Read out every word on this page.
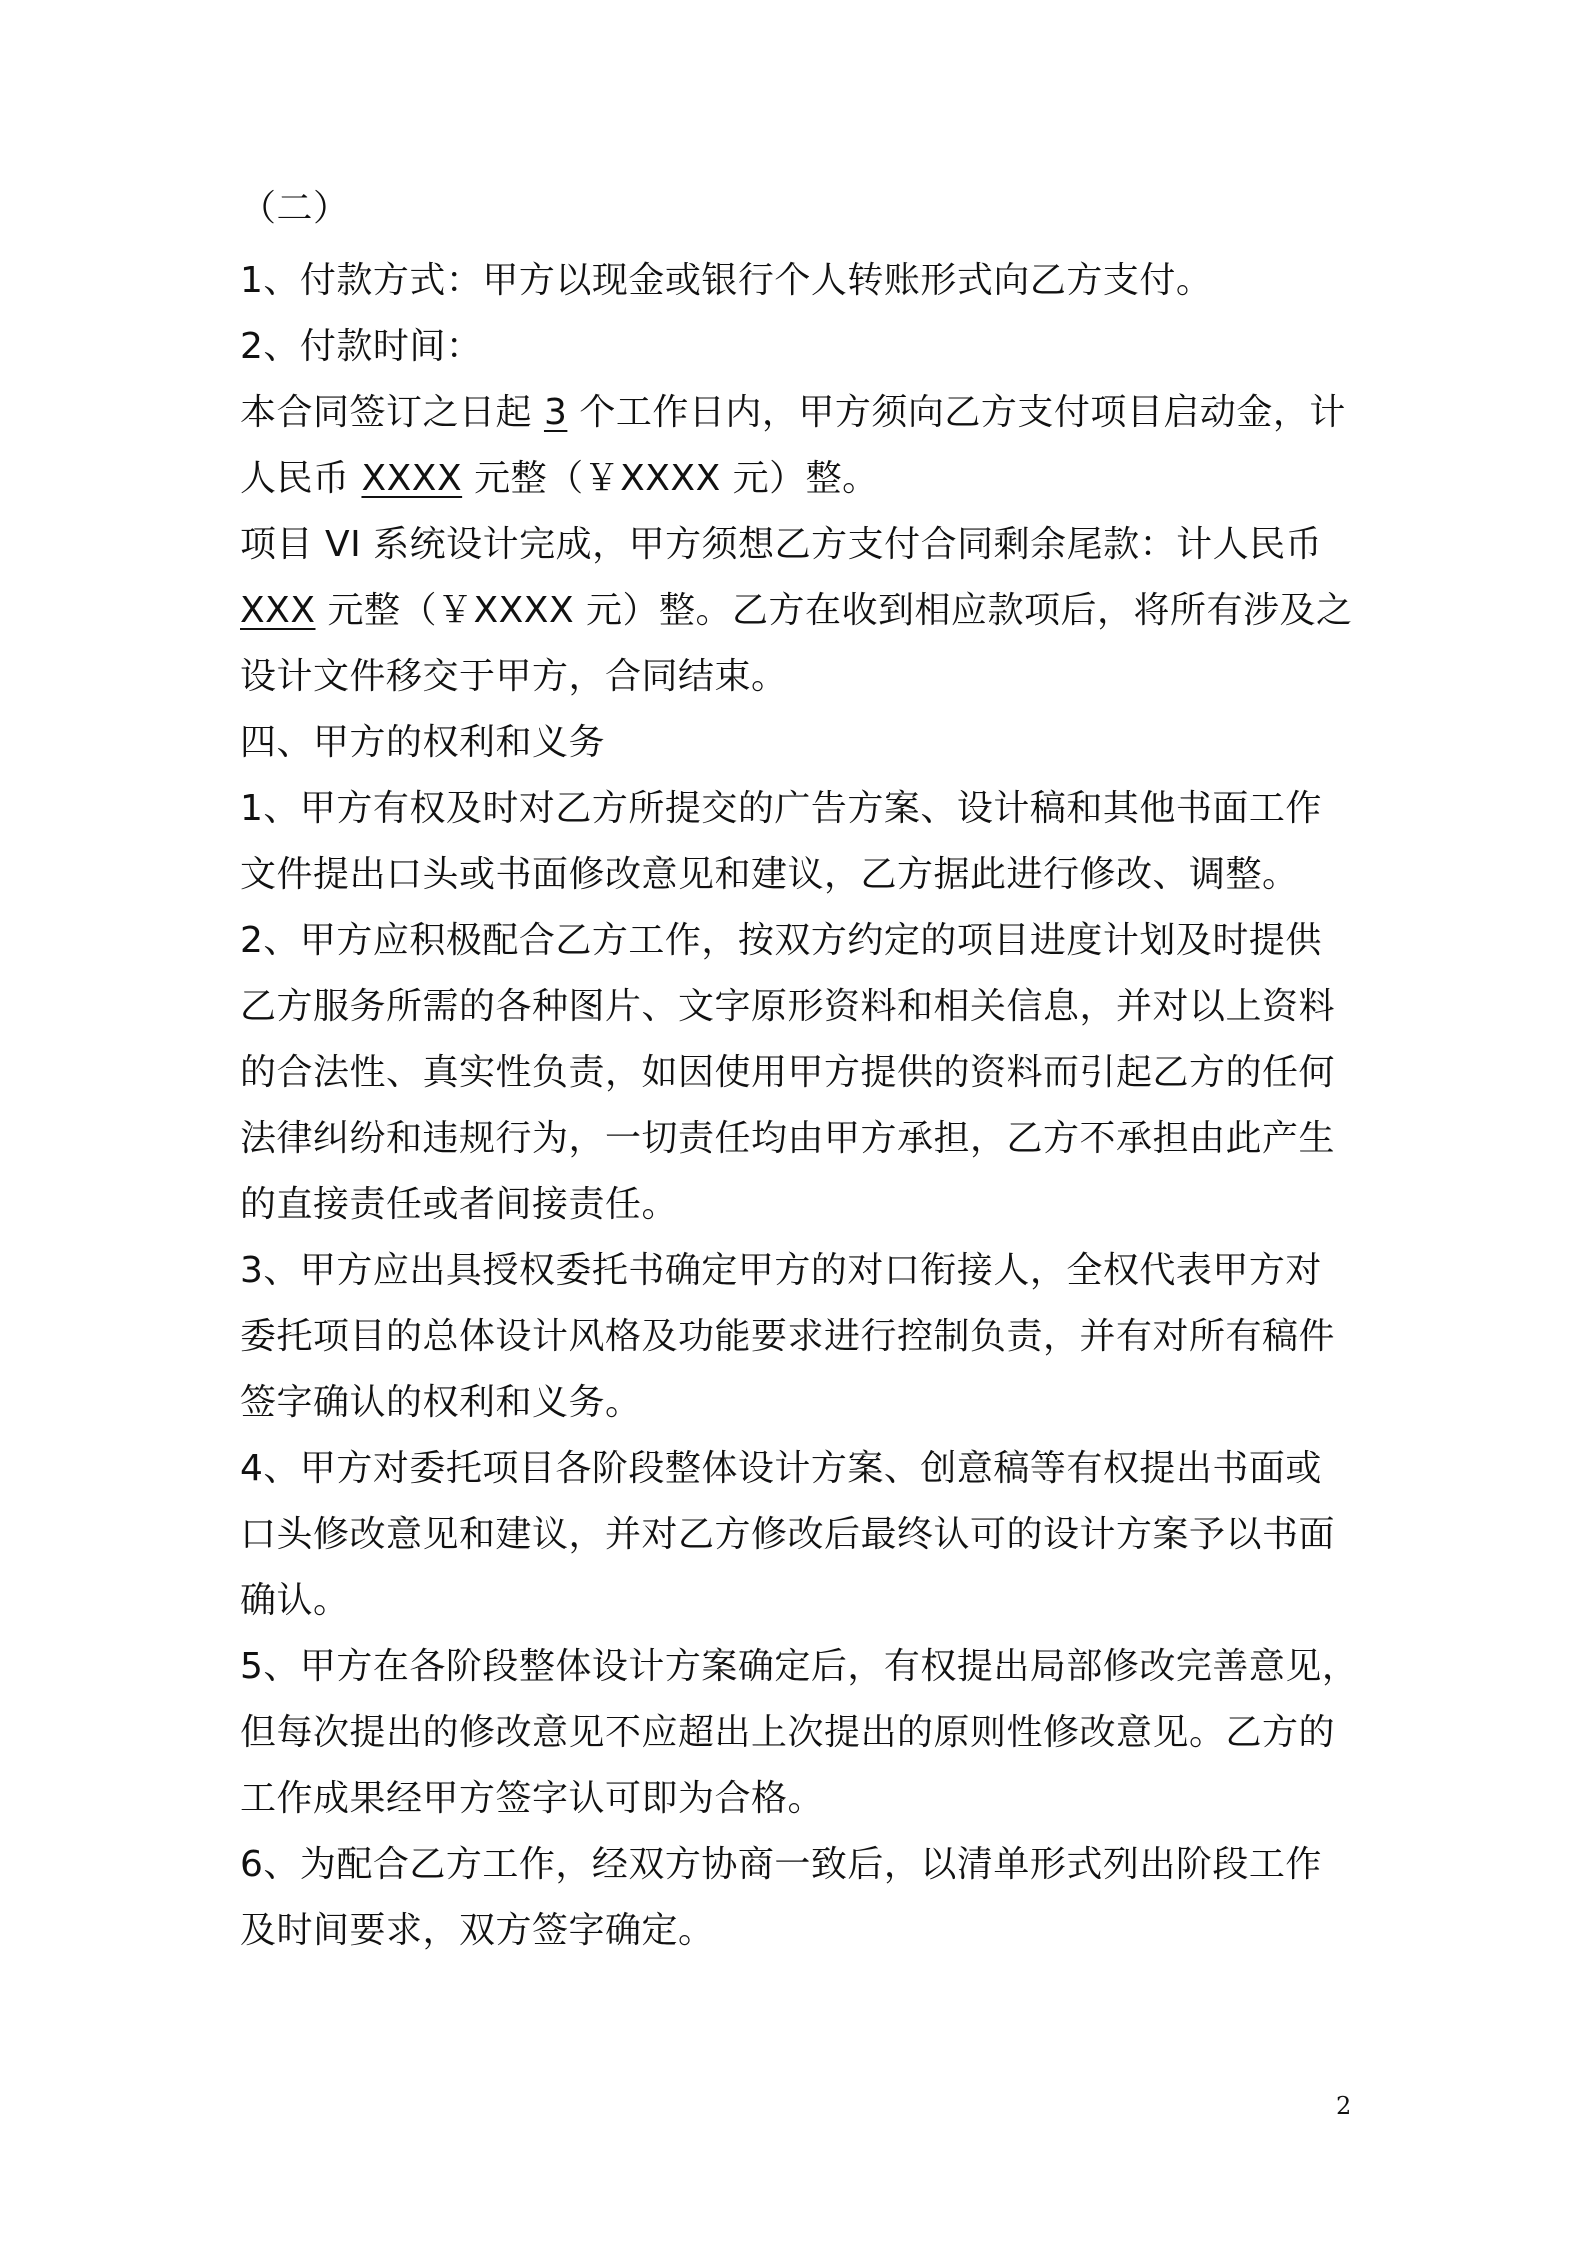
（二）
1、付款方式：甲方以现金或银行个人转账形式向乙方支付。
2、付款时间：
本合同签订之日起 3 个工作日内，甲方须向乙方支付项目启动金，计
人民币 XXXX 元整（￥XXXX 元）整。
项目 VI 系统设计完成，甲方须想乙方支付合同剩余尾款：计人民币
XXX 元整（￥XXXX 元）整。乙方在收到相应款项后，将所有涉及之
设计文件移交于甲方，合同结束。
四、甲方的权利和义务
1、甲方有权及时对乙方所提交的广告方案、设计稿和其他书面工作
文件提出口头或书面修改意见和建议，乙方据此进行修改、调整。
2、甲方应积极配合乙方工作，按双方约定的项目进度计划及时提供
乙方服务所需的各种图片、文字原形资料和相关信息，并对以上资料
的合法性、真实性负责，如因使用甲方提供的资料而引起乙方的任何
法律纠纷和违规行为，一切责任均由甲方承担，乙方不承担由此产生
的直接责任或者间接责任。
3、甲方应出具授权委托书确定甲方的对口衔接人，全权代表甲方对
委托项目的总体设计风格及功能要求进行控制负责，并有对所有稿件
签字确认的权利和义务。
4、甲方对委托项目各阶段整体设计方案、创意稿等有权提出书面或
口头修改意见和建议，并对乙方修改后最终认可的设计方案予以书面
确认。
5、甲方在各阶段整体设计方案确定后，有权提出局部修改完善意见，
但每次提出的修改意见不应超出上次提出的原则性修改意见。乙方的
工作成果经甲方签字认可即为合格。
6、为配合乙方工作，经双方协商一致后，以清单形式列出阶段工作
及时间要求，双方签字确定。
2
